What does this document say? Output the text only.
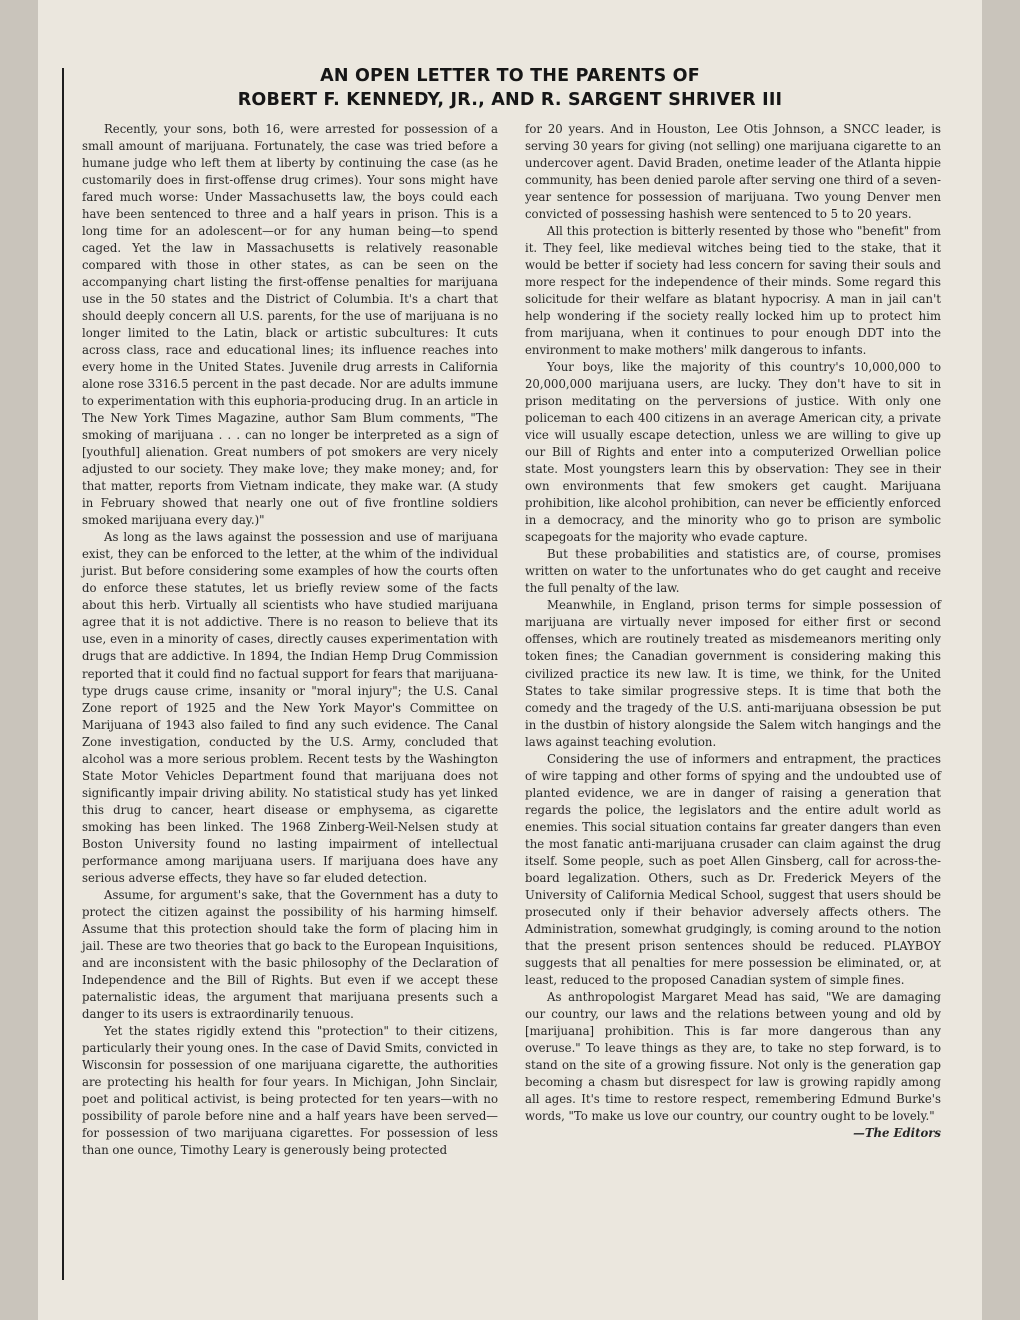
AN OPEN LETTER TO THE PARENTS OF
ROBERT F. KENNEDY, JR., AND R. SARGENT SHRIVER III

Recently, your sons, both 16, were arrested for possession of a small amount of marijuana. Fortunately, the case was tried before a humane judge who left them at liberty by continuing the case (as he customarily does in first-offense drug crimes). Your sons might have fared much worse: Under Massachusetts law, the boys could each have been sentenced to three and a half years in prison. This is a long time for an adolescent—or for any human being—to spend caged. Yet the law in Massachusetts is relatively reasonable compared with those in other states, as can be seen on the accompanying chart listing the first-offense penalties for marijuana use in the 50 states and the District of Columbia. It's a chart that should deeply concern all U.S. parents, for the use of marijuana is no longer limited to the Latin, black or artistic subcultures: It cuts across class, race and educational lines; its influence reaches into every home in the United States. Juvenile drug arrests in California alone rose 3316.5 percent in the past decade. Nor are adults immune to experimentation with this euphoria-producing drug. In an article in The New York Times Magazine, author Sam Blum comments, "The smoking of marijuana . . . can no longer be interpreted as a sign of [youthful] alienation. Great numbers of pot smokers are very nicely adjusted to our society. They make love; they make money; and, for that matter, reports from Vietnam indicate, they make war. (A study in February showed that nearly one out of five frontline soldiers smoked marijuana every day.)"

As long as the laws against the possession and use of marijuana exist, they can be enforced to the letter, at the whim of the individual jurist. But before considering some examples of how the courts often do enforce these statutes, let us briefly review some of the facts about this herb. Virtually all scientists who have studied marijuana agree that it is not addictive. There is no reason to believe that its use, even in a minority of cases, directly causes experimentation with drugs that are addictive. In 1894, the Indian Hemp Drug Commission reported that it could find no factual support for fears that marijuana-type drugs cause crime, insanity or "moral injury"; the U.S. Canal Zone report of 1925 and the New York Mayor's Committee on Marijuana of 1943 also failed to find any such evidence. The Canal Zone investigation, conducted by the U.S. Army, concluded that alcohol was a more serious problem. Recent tests by the Washington State Motor Vehicles Department found that marijuana does not significantly impair driving ability. No statistical study has yet linked this drug to cancer, heart disease or emphysema, as cigarette smoking has been linked. The 1968 Zinberg-Weil-Nelsen study at Boston University found no lasting impairment of intellectual performance among marijuana users. If marijuana does have any serious adverse effects, they have so far eluded detection.

Assume, for argument's sake, that the Government has a duty to protect the citizen against the possibility of his harming himself. Assume that this protection should take the form of placing him in jail. These are two theories that go back to the European Inquisitions, and are inconsistent with the basic philosophy of the Declaration of Independence and the Bill of Rights. But even if we accept these paternalistic ideas, the argument that marijuana presents such a danger to its users is extraordinarily tenuous.

Yet the states rigidly extend this "protection" to their citizens, particularly their young ones. In the case of David Smits, convicted in Wisconsin for possession of one marijuana cigarette, the authorities are protecting his health for four years. In Michigan, John Sinclair, poet and political activist, is being protected for ten years—with no possibility of parole before nine and a half years have been served—for possession of two marijuana cigarettes. For possession of less than one ounce, Timothy Leary is generously being protected

for 20 years. And in Houston, Lee Otis Johnson, a SNCC leader, is serving 30 years for giving (not selling) one marijuana cigarette to an undercover agent. David Braden, onetime leader of the Atlanta hippie community, has been denied parole after serving one third of a seven-year sentence for possession of marijuana. Two young Denver men convicted of possessing hashish were sentenced to 5 to 20 years.

All this protection is bitterly resented by those who "benefit" from it. They feel, like medieval witches being tied to the stake, that it would be better if society had less concern for saving their souls and more respect for the independence of their minds. Some regard this solicitude for their welfare as blatant hypocrisy. A man in jail can't help wondering if the society really locked him up to protect him from marijuana, when it continues to pour enough DDT into the environment to make mothers' milk dangerous to infants.

Your boys, like the majority of this country's 10,000,000 to 20,000,000 marijuana users, are lucky. They don't have to sit in prison meditating on the perversions of justice. With only one policeman to each 400 citizens in an average American city, a private vice will usually escape detection, unless we are willing to give up our Bill of Rights and enter into a computerized Orwellian police state. Most youngsters learn this by observation: They see in their own environments that few smokers get caught. Marijuana prohibition, like alcohol prohibition, can never be efficiently enforced in a democracy, and the minority who go to prison are symbolic scapegoats for the majority who evade capture.

But these probabilities and statistics are, of course, promises written on water to the unfortunates who do get caught and receive the full penalty of the law.

Meanwhile, in England, prison terms for simple possession of marijuana are virtually never imposed for either first or second offenses, which are routinely treated as misdemeanors meriting only token fines; the Canadian government is considering making this civilized practice its new law. It is time, we think, for the United States to take similar progressive steps. It is time that both the comedy and the tragedy of the U.S. anti-marijuana obsession be put in the dustbin of history alongside the Salem witch hangings and the laws against teaching evolution.

Considering the use of informers and entrapment, the practices of wire tapping and other forms of spying and the undoubted use of planted evidence, we are in danger of raising a generation that regards the police, the legislators and the entire adult world as enemies. This social situation contains far greater dangers than even the most fanatic anti-marijuana crusader can claim against the drug itself. Some people, such as poet Allen Ginsberg, call for across-the-board legalization. Others, such as Dr. Frederick Meyers of the University of California Medical School, suggest that users should be prosecuted only if their behavior adversely affects others. The Administration, somewhat grudgingly, is coming around to the notion that the present prison sentences should be reduced. PLAYBOY suggests that all penalties for mere possession be eliminated, or, at least, reduced to the proposed Canadian system of simple fines.

As anthropologist Margaret Mead has said, "We are damaging our country, our laws and the relations between young and old by [marijuana] prohibition. This is far more dangerous than any overuse." To leave things as they are, to take no step forward, is to stand on the site of a growing fissure. Not only is the generation gap becoming a chasm but disrespect for law is growing rapidly among all ages. It's time to restore respect, remembering Edmund Burke's words, "To make us love our country, our country ought to be lovely."

—The Editors
